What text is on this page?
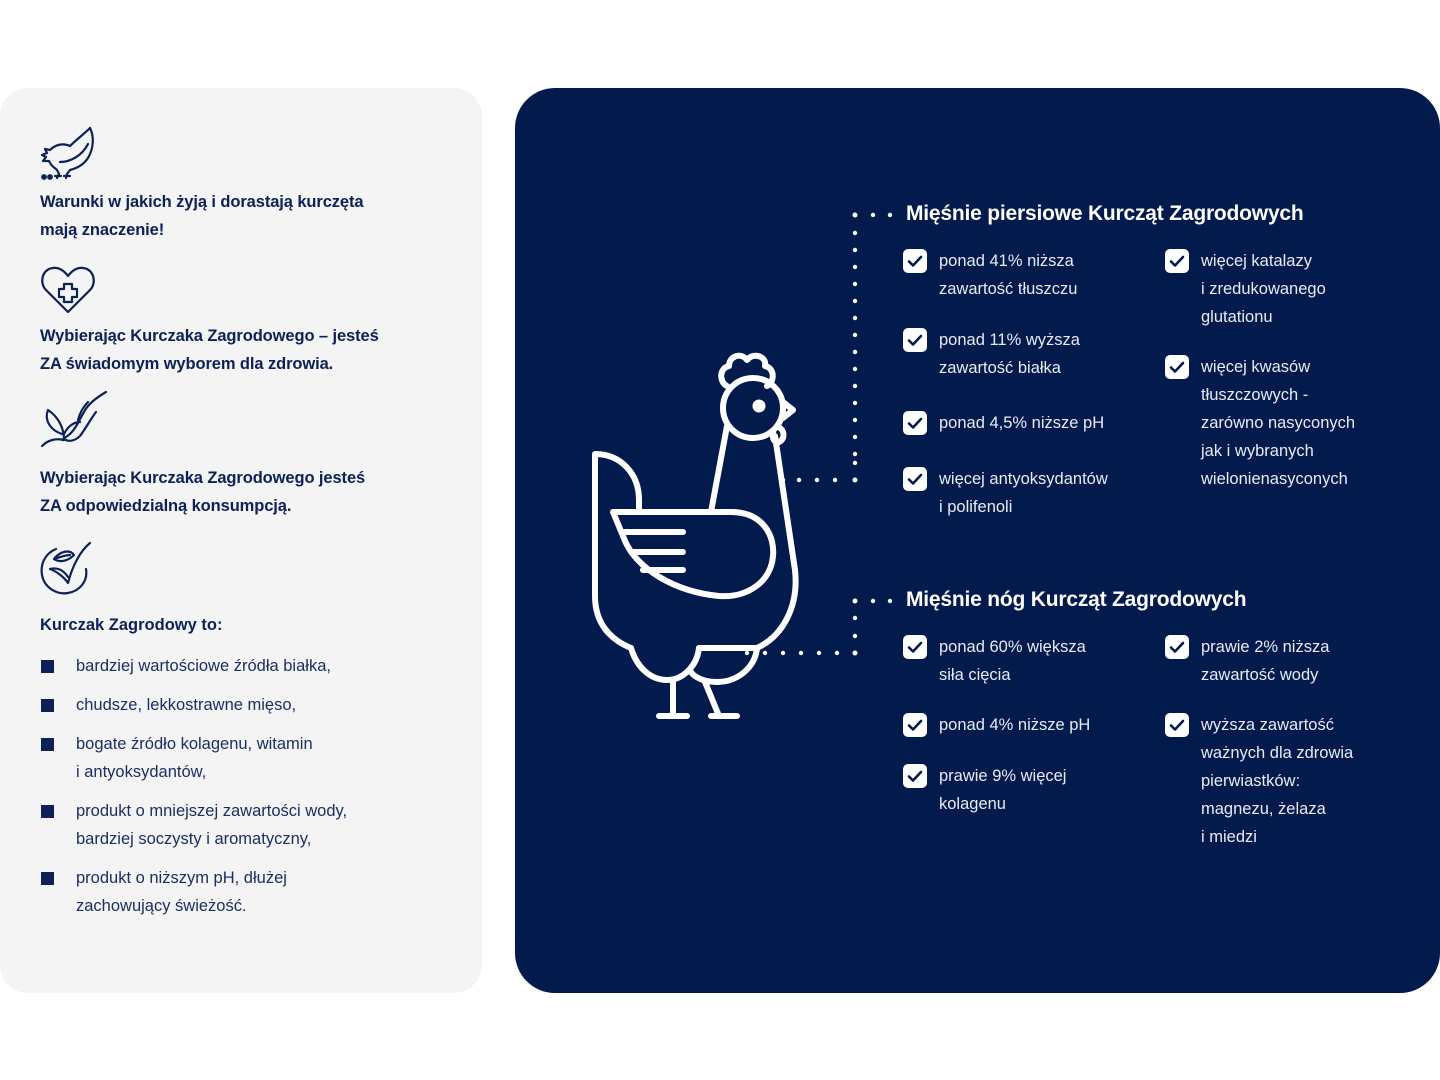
Warunki w jakich żyją i dorastają kurczęta
mają znaczenie!
Wybierając Kurczaka Zagrodowego – jesteś
ZA świadomym wyborem dla zdrowia.
Wybierając Kurczaka Zagrodowego jesteś
ZA odpowiedzialną konsumpcją.
Kurczak Zagrodowy to:
bardziej wartościowe źródła białka,
chudsze, lekkostrawne mięso,
bogate źródło kolagenu, witamin
i antyoksydantów,
produkt o mniejszej zawartości wody,
bardziej soczysty i aromatyczny,
produkt o niższym pH, dłużej
zachowujący świeżość.
Mięśnie piersiowe Kurcząt Zagrodowych
ponad 41% niższa
zawartość tłuszczu
ponad 11% wyższa
zawartość białka
ponad 4,5% niższe pH
więcej antyoksydantów
i polifenoli
więcej katalazy
i zredukowanego
glutationu
więcej kwasów
tłuszczowych -
zarówno nasyconych
jak i wybranych
wielonienasyconych
Mięśnie nóg Kurcząt Zagrodowych
ponad 60% większa
siła cięcia
ponad 4% niższe pH
prawie 9% więcej
kolagenu
prawie 2% niższa
zawartość wody
wyższa zawartość
ważnych dla zdrowia
pierwiastków:
magnezu, żelaza
i miedzi
